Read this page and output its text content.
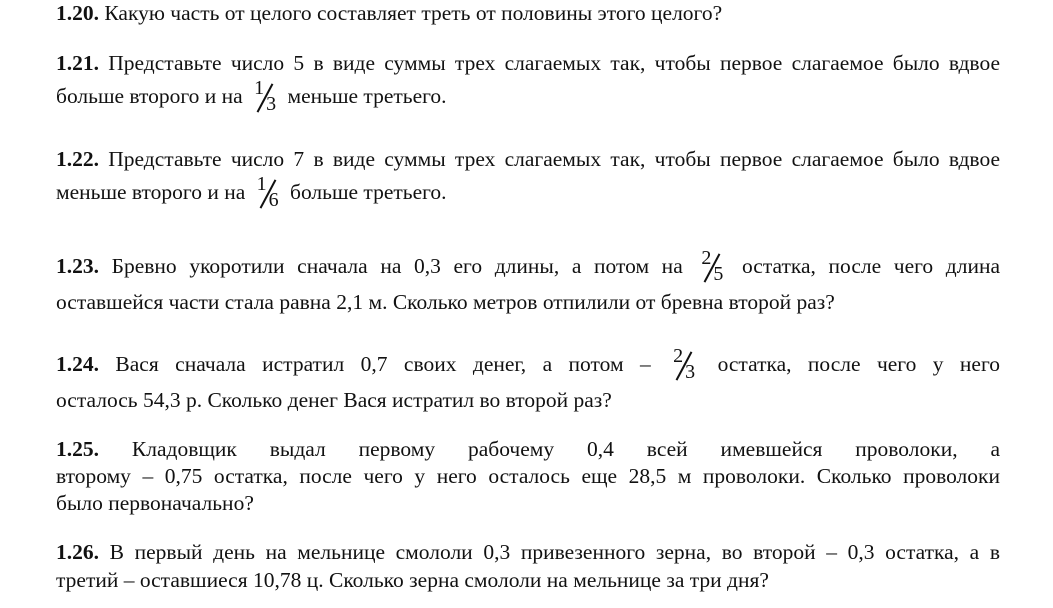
1.20. Какую часть от целого составляет треть от половины этого целого?
1.21. Представьте число 5 в виде суммы трех слагаемых так, чтобы первое слагаемое было вдвое
больше второго и на 1
3 меньше третьего.
1.22. Представьте число 7 в виде суммы трех слагаемых так, чтобы первое слагаемое было вдвое
меньше второго и на 1
6 больше третьего.
1.23. Бревно укоротили сначала на 0,3 его длины, а потом на 2
5 остатка, после чего длина
оставшейся части стала равна 2,1 м. Сколько метров отпилили от бревна второй раз?
1.24. Вася сначала истратил 0,7 своих денег, а потом – 2
3 остатка, после чего у него
осталось 54,3 р. Сколько денег Вася истратил во второй раз?
1.25. Кладовщик выдал первому рабочему 0,4 всей имевшейся проволоки, а
второму – 0,75 остатка, после чего у него осталось еще 28,5 м проволоки. Сколько проволоки
было первоначально?
1.26. В первый день на мельнице смололи 0,3 привезенного зерна, во второй – 0,3 остатка, а в
третий – оставшиеся 10,78 ц. Сколько зерна смололи на мельнице за три дня?
